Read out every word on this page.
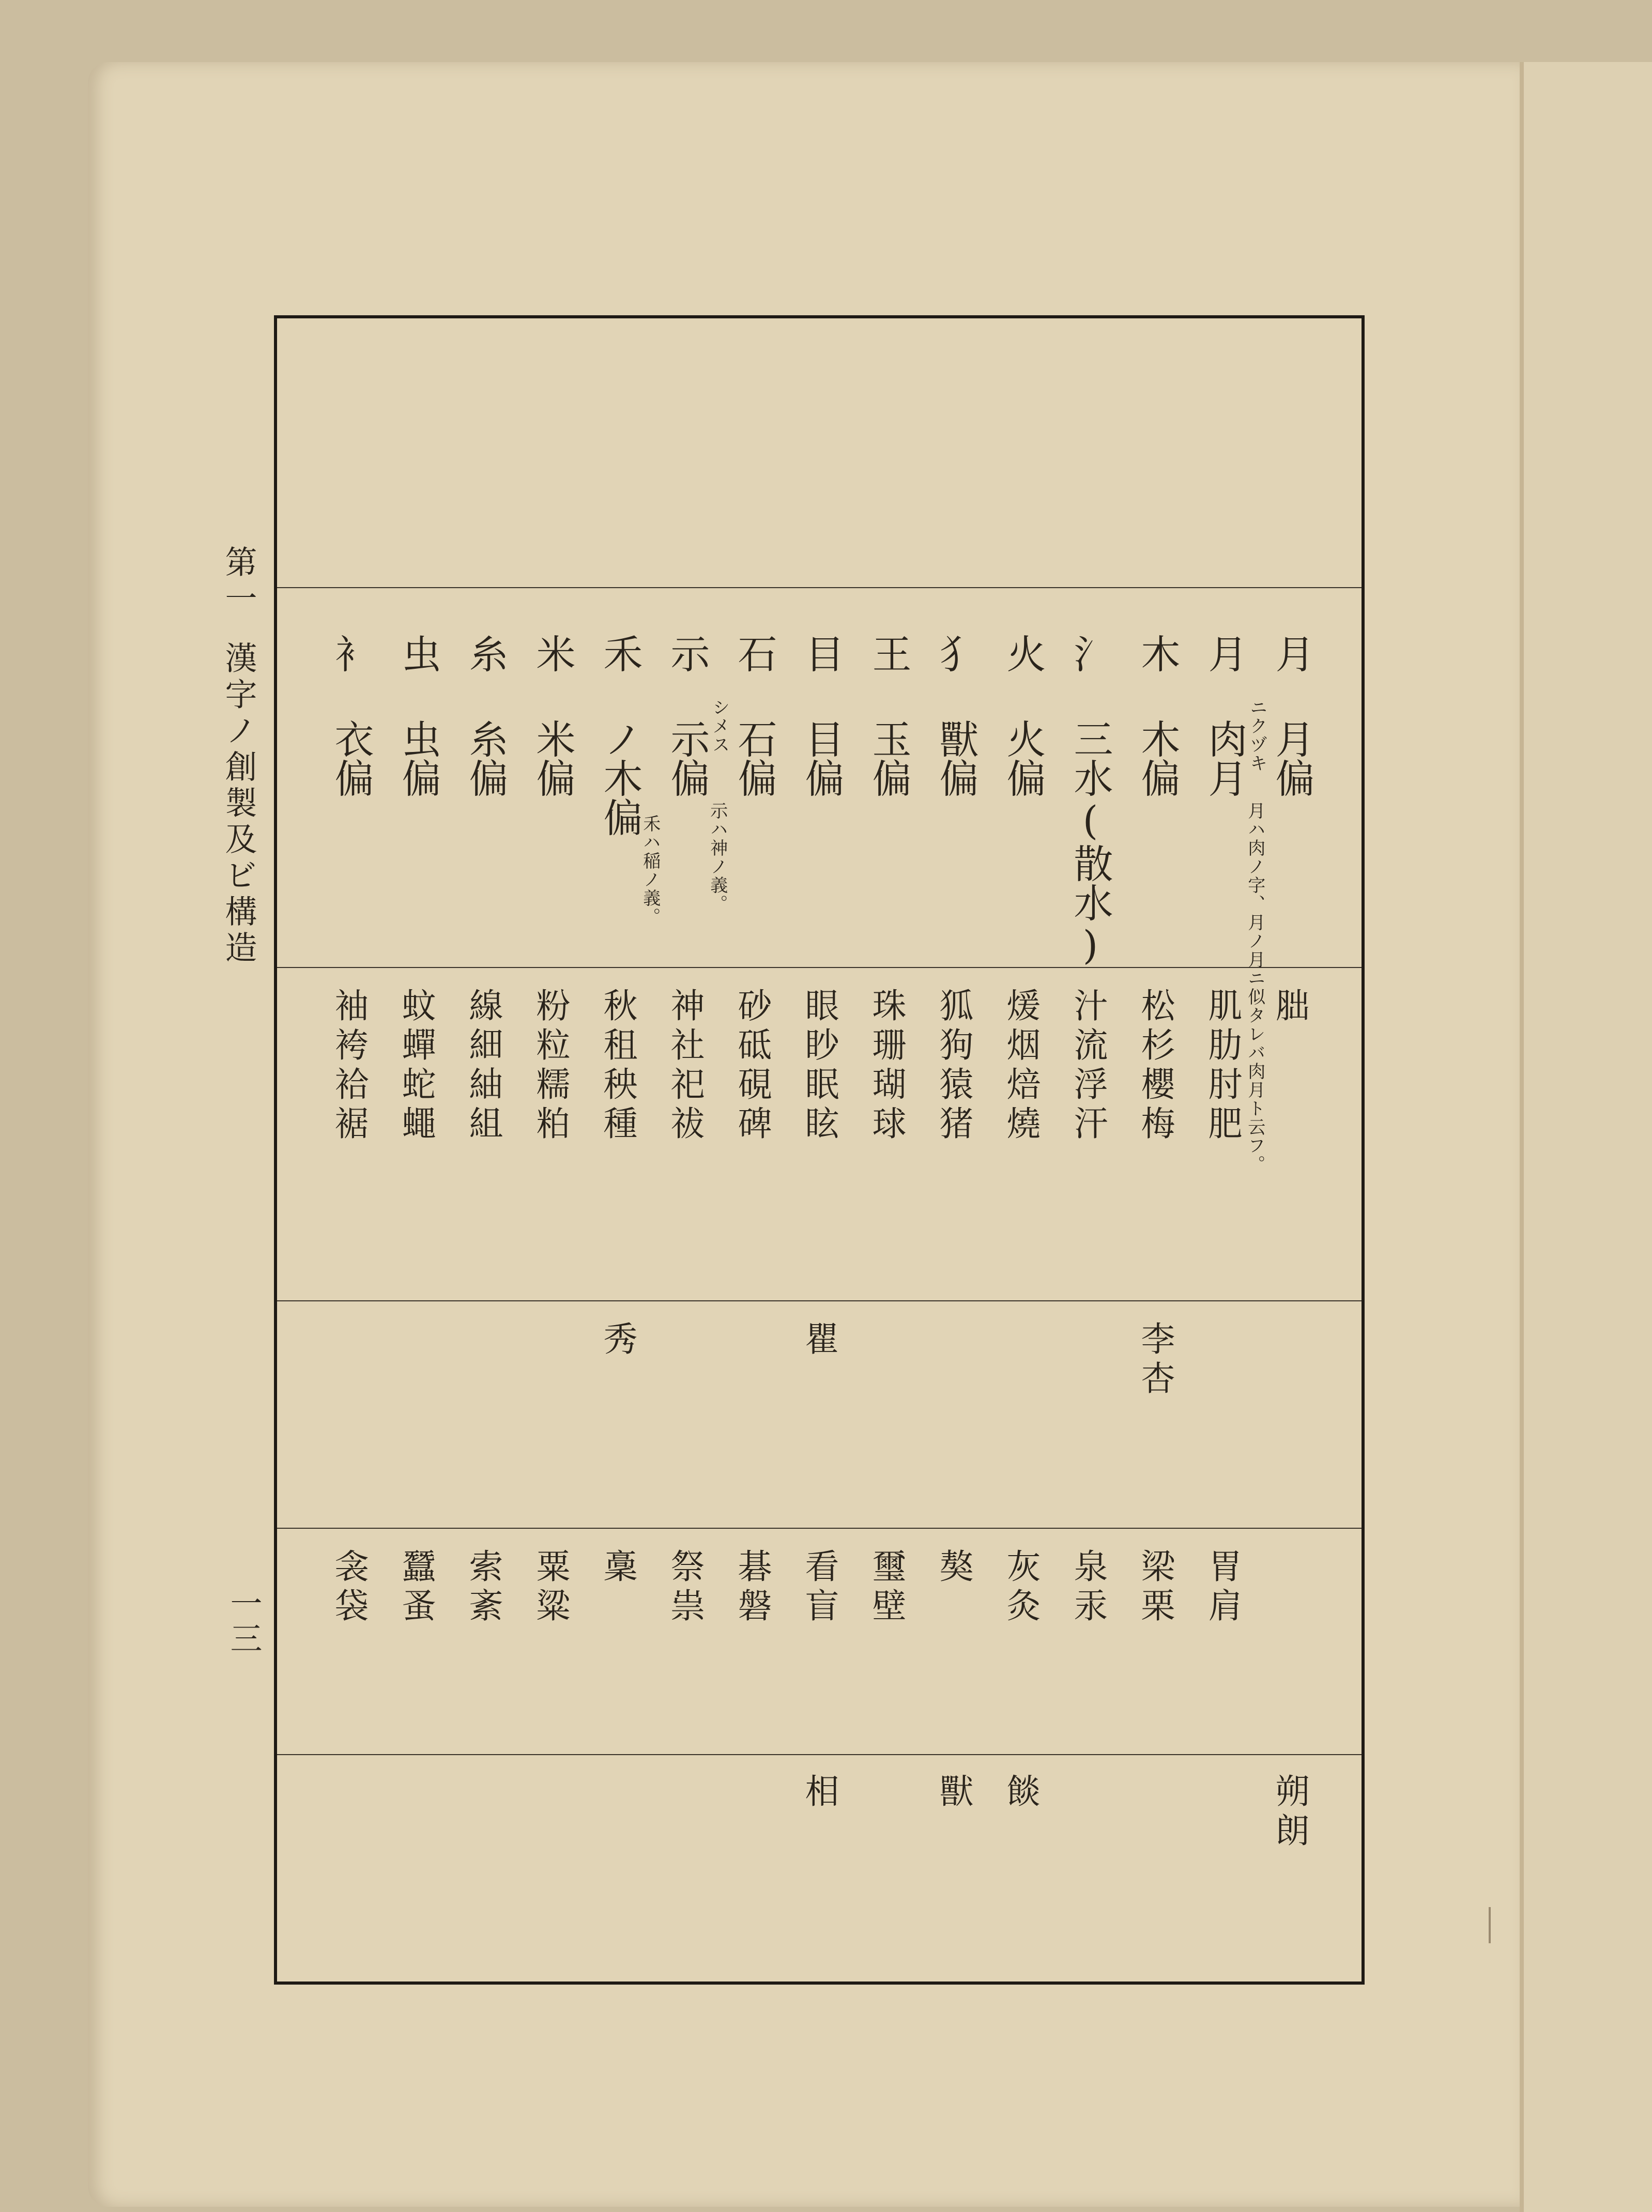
第一漢字ノ創製及ビ構造	月
月偏
胐
朔朗
月
肉月
ニクヅキ
月ハ肉ノ字、月ノ月ニ似タレバ肉月ト云フ。
肌肋肘肥
胃肩
木
木偏
松杉櫻梅
李杏
梁栗
氵
三水(散水)
汁流浮汗
泉汞
火
火偏
煖烟焙燒
灰灸
餤
犭
獸偏
狐狗猿猪
獒
獸
王
玉偏
珠珊瑚球
璽壁
目
目偏
眼眇眠眩
瞿
看盲
相
石
石偏
砂砥硯碑
碁磐
示
示偏
シメス
示ハ神ノ義。
神社祀祓
祭祟
禾
ノ木偏
禾ハ稲ノ義。
秋租秧種
秀
稾
米
米偏
粉粒糯粕
粟粱
糸
糸偏
線細紬組
索紊
虫
虫偏
蚊蟬蛇蠅
蠶蚤
衤
衣偏
袖袴袷裾
衾袋
一三
